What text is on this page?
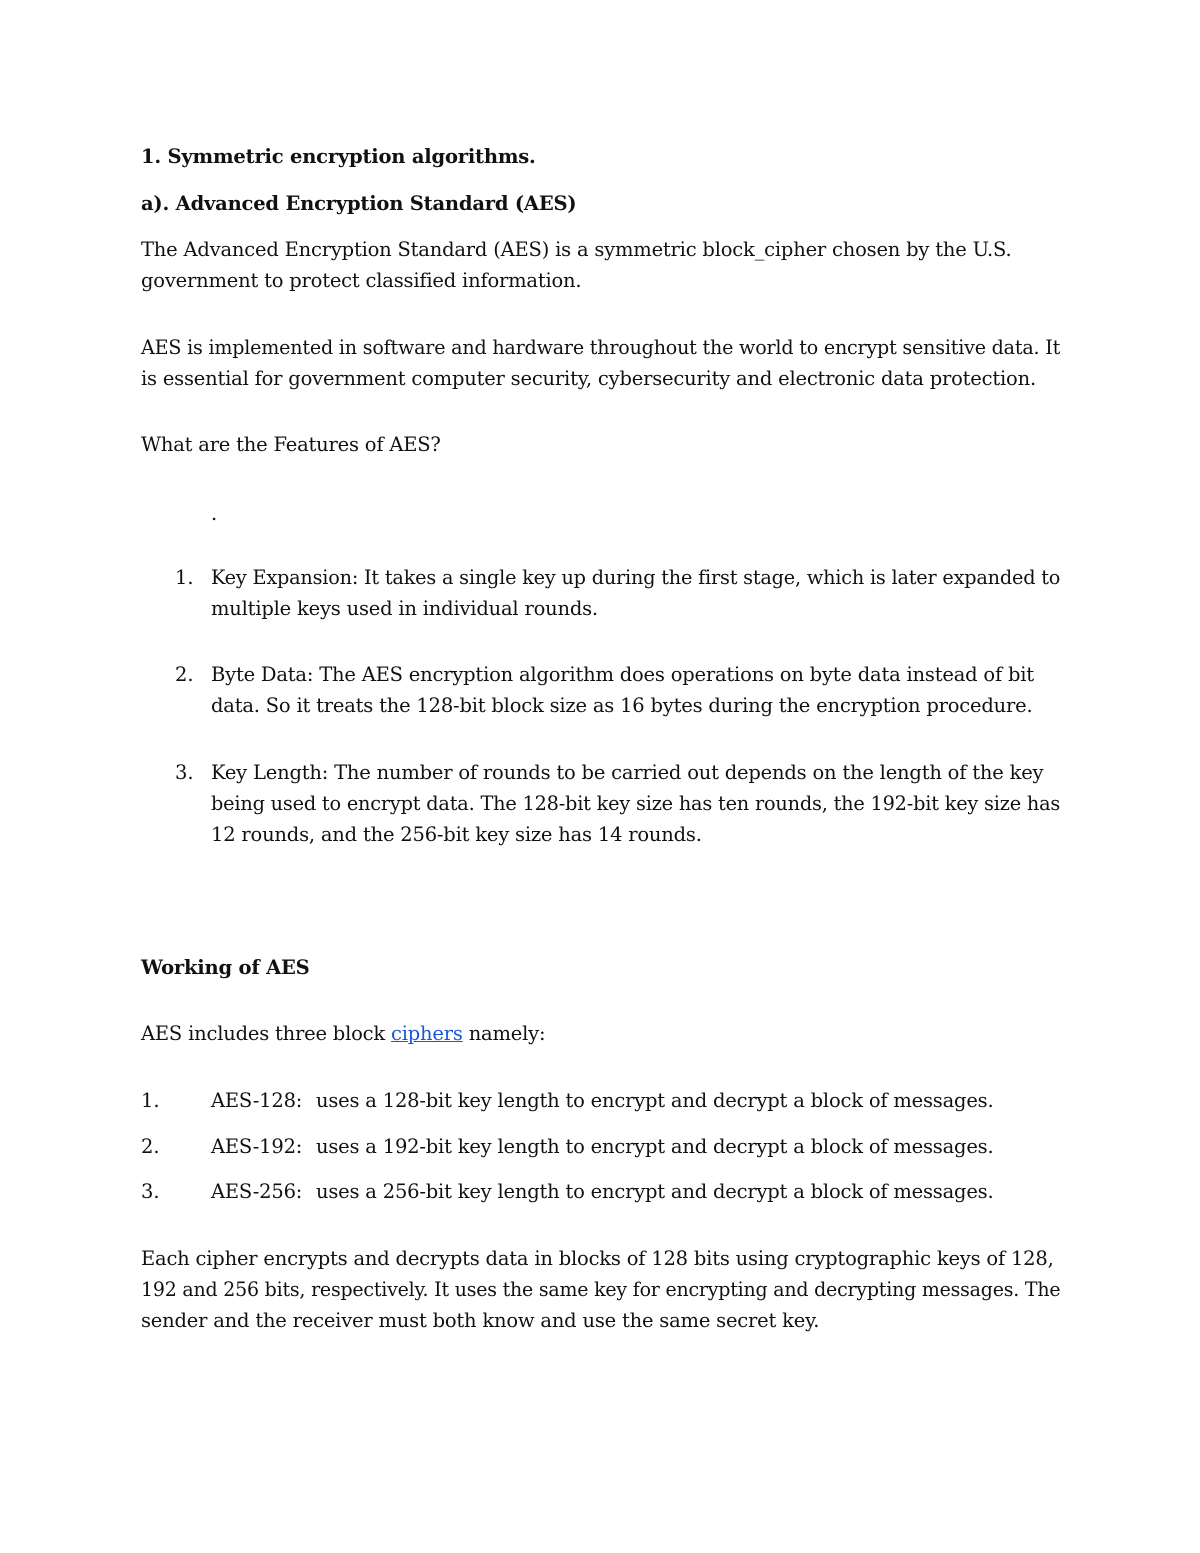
1. Symmetric encryption algorithms.
a). Advanced Encryption Standard (AES)
The Advanced Encryption Standard (AES) is a symmetric block_cipher chosen by the U.S.
government to protect classified information.
AES is implemented in software and hardware throughout the world to encrypt sensitive data. It
is essential for government computer security, cybersecurity and electronic data protection.
What are the Features of AES?
.
1. Key Expansion: It takes a single key up during the first stage, which is later expanded to
multiple keys used in individual rounds.
2. Byte Data: The AES encryption algorithm does operations on byte data instead of bit
data. So it treats the 128-bit block size as 16 bytes during the encryption procedure.
3. Key Length: The number of rounds to be carried out depends on the length of the key
being used to encrypt data. The 128-bit key size has ten rounds, the 192-bit key size has
12 rounds, and the 256-bit key size has 14 rounds.
Working of AES
AES includes three block ciphers namely:
1.	AES-128: uses a 128-bit key length to encrypt and decrypt a block of messages.
2.	AES-192: uses a 192-bit key length to encrypt and decrypt a block of messages.
3.	AES-256: uses a 256-bit key length to encrypt and decrypt a block of messages.
Each cipher encrypts and decrypts data in blocks of 128 bits using cryptographic keys of 128,
192 and 256 bits, respectively. It uses the same key for encrypting and decrypting messages. The
sender and the receiver must both know and use the same secret key.
